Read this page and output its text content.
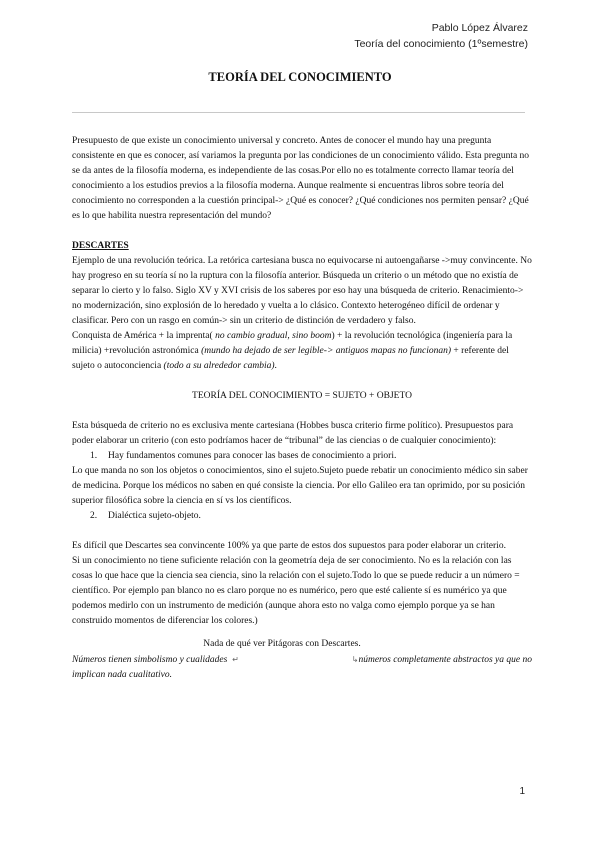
Pablo López Álvarez
Teoría del conocimiento (1ºsemestre)
TEORÍA DEL CONOCIMIENTO

Presupuesto de que existe un conocimiento universal y concreto. Antes de conocer el mundo hay una pregunta consistente en que es conocer, así variamos la pregunta por las condiciones de un conocimiento válido. Esta pregunta no se da antes de la filosofía moderna, es independiente de las cosas.Por ello no es totalmente correcto llamar teoría del conocimiento a los estudios previos a la filosofía moderna. Aunque realmente si encuentras libros sobre teoría del conocimiento no corresponden a la cuestión principal-> ¿Qué es conocer? ¿Qué condiciones nos permiten pensar? ¿Qué es lo que habilita nuestra representación del mundo?

DESCARTES

Ejemplo de una revolución teórica. La retórica cartesiana busca no equivocarse ni autoengañarse ->muy convincente. No hay progreso en su teoría sí no la ruptura con la filosofía anterior. Búsqueda un criterio o un método que no existía de separar lo cierto y lo falso. Siglo XV y XVI crisis de los saberes por eso hay una búsqueda de criterio. Renacimiento-> no modernización, sino explosión de lo heredado y vuelta a lo clásico. Contexto heterogéneo difícil de ordenar y clasificar. Pero con un rasgo en común-> sin un criterio de distinción de verdadero y falso.

Conquista de América + la imprenta( no cambio gradual, sino boom) + la revolución tecnológica (ingeniería para la milicia) +revolución astronómica (mundo ha dejado de ser legible-> antiguos mapas no funcionan) + referente del sujeto o autoconciencia (todo a su alrededor cambia).

TEORÍA DEL CONOCIMIENTO = SUJETO + OBJETO

Esta búsqueda de criterio no es exclusiva mente cartesiana (Hobbes busca criterio firme político). Presupuestos para poder elaborar un criterio (con esto podríamos hacer de “tribunal” de las ciencias o de cualquier conocimiento):

1.	Hay fundamentos comunes para conocer las bases de conocimiento a priori.

Lo que manda no son los objetos o conocimientos, sino el sujeto.Sujeto puede rebatir un conocimiento médico sin saber de medicina. Porque los médicos no saben en qué consiste la ciencia. Por ello Galileo era tan oprimido, por su posición superior filosófica sobre la ciencia en sí vs los científicos.

2.	Dialéctica sujeto-objeto.

Es difícil que Descartes sea convincente 100% ya que parte de estos dos supuestos para poder elaborar un criterio.

Si un conocimiento no tiene suficiente relación con la geometría deja de ser conocimiento. No es la relación con las cosas lo que hace que la ciencia sea ciencia, sino la relación con el sujeto.Todo lo que se puede reducir a un número = científico. Por ejemplo pan blanco no es claro porque no es numérico, pero que esté caliente sí es numérico ya que podemos medirlo con un instrumento de medición (aunque ahora esto no valga como ejemplo porque ya se han construido momentos de diferenciar los colores.)

Nada de qué ver Pitágoras con Descartes.

Números tienen simbolismo y cualidades ↵	↳números completamente abstractos ya que no

implican nada cualitativo.

1
